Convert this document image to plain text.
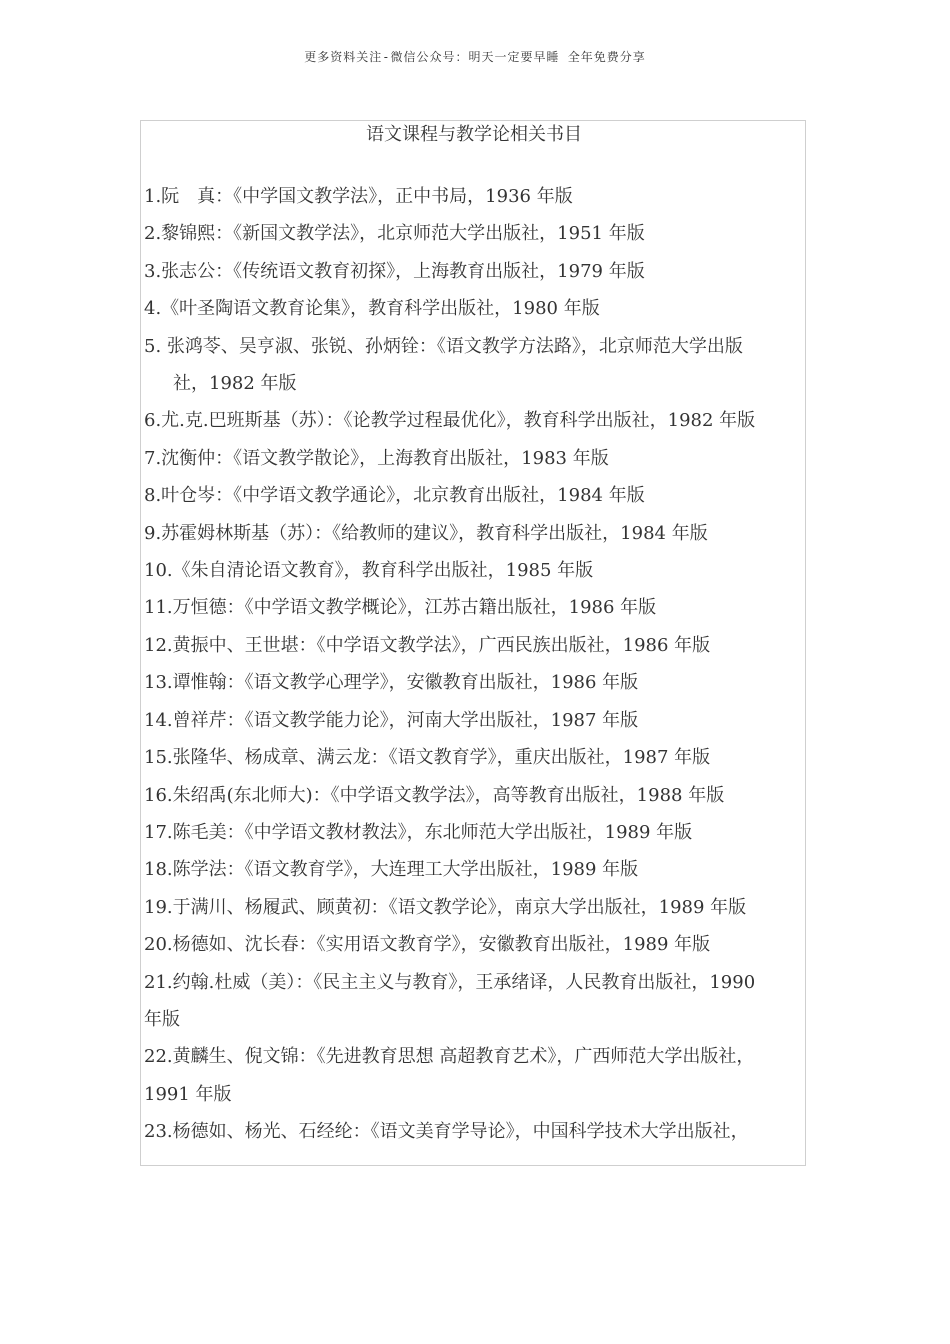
更多资料关注-微信公众号：明天一定要早睡 全年免费分享
语文课程与教学论相关书目
1.阮　真：《中学国文教学法》，正中书局，1936 年版
2.黎锦熙：《新国文教学法》，北京师范大学出版社，1951 年版
3.张志公：《传统语文教育初探》，上海教育出版社，1979 年版
4.《叶圣陶语文教育论集》，教育科学出版社，1980 年版
5. 张鸿苓、吴亨淑、张锐、孙炳铨：《语文教学方法路》，北京师范大学出版
社，1982 年版
6.尤.克.巴班斯基（苏）：《论教学过程最优化》，教育科学出版社，1982 年版
7.沈衡仲：《语文教学散论》，上海教育出版社，1983 年版
8.叶仓岑：《中学语文教学通论》，北京教育出版社，1984 年版
9.苏霍姆林斯基（苏）：《给教师的建议》，教育科学出版社，1984 年版
10.《朱自清论语文教育》，教育科学出版社，1985 年版
11.万恒德：《中学语文教学概论》，江苏古籍出版社，1986 年版
12.黄振中、王世堪：《中学语文教学法》，广西民族出版社，1986 年版
13.谭惟翰：《语文教学心理学》，安徽教育出版社，1986 年版
14.曾祥芹：《语文教学能力论》，河南大学出版社，1987 年版
15.张隆华、杨成章、满云龙：《语文教育学》，重庆出版社，1987 年版
16.朱绍禹(东北师大)：《中学语文教学法》，高等教育出版社，1988 年版
17.陈毛美：《中学语文教材教法》，东北师范大学出版社，1989 年版
18.陈学法：《语文教育学》，大连理工大学出版社，1989 年版
19.于满川、杨履武、顾黄初：《语文教学论》，南京大学出版社，1989 年版
20.杨德如、沈长春：《实用语文教育学》，安徽教育出版社，1989 年版
21.约翰.杜威（美）：《民主主义与教育》，王承绪译，人民教育出版社，1990
年版
22.黄麟生、倪文锦：《先进教育思想 高超教育艺术》，广西师范大学出版社，
1991 年版
23.杨德如、杨光、石经纶：《语文美育学导论》，中国科学技术大学出版社，
